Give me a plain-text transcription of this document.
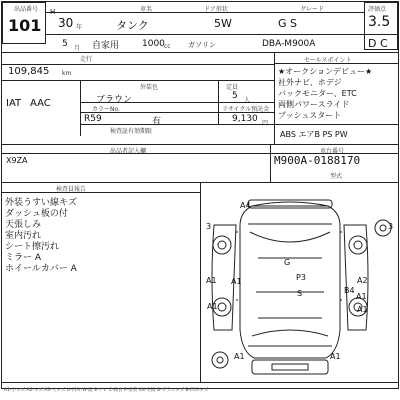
出品番号
101
H
30 年
車名
タンク
ドア形状
5W
グレード
G S
評価点
3.5
D C
5 月 自家用	1000 cc ガソリン	DBA-M900A
走行
109,845 km
外装色
ブラウン
定員
5 人
IAT AAC
カラーNo.
R59	有
リサイクル預託金
9,130 円
検査証有効期限
セールスポイント
★オークションデビュー★
社外ナビ、ホデジ
バックモニター、ETC
両側パワースライド
プッシュスタート
ABS エアB PS PW
出品者記入欄
X9ZA
車台番号
M900A-0188170
型式
検査員報告
外装うすい線キズ
ダッシュ板の付
天張しみ
室内汚れ
シート擦汚れ
ミラー A
ホイールカバー A
3	3
A4
A1 A1
G
P3
S	B4
A2
A1
A1	A1
A1	A1
A1-小キズ A2-キズ A3-大キズ U-凹み W-波 S-サビ C-腐食 P-塗装 XX-交換 G-ガラスキズ B-凹みキズ
